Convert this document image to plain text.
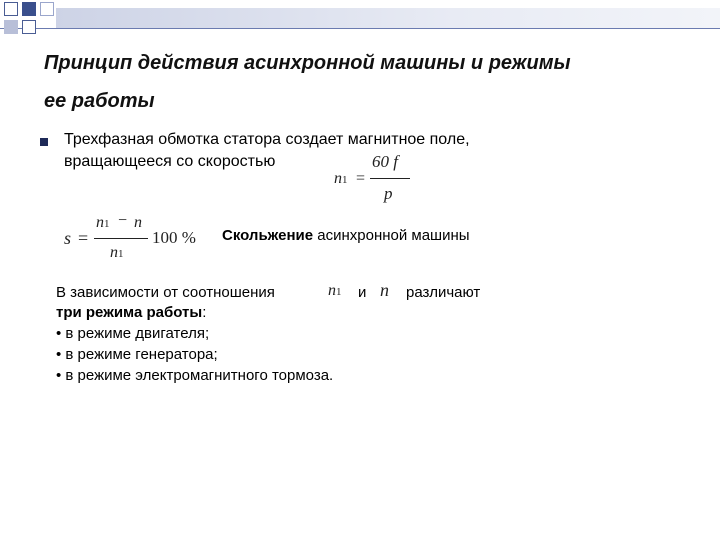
Принцип действия асинхронной машины и режимы
ее работы
Трехфазная обмотка статора создает магнитное поле,
вращающееся со скоростью
n1 =
60 f
p
s =
n1 − n
n1
100 % Скольжение асинхронной машины
В зависимости от соотношения	n1 и n различают
три режима работы:
• в режиме двигателя;
• в режиме генератора;
• в режиме электромагнитного тормоза.
